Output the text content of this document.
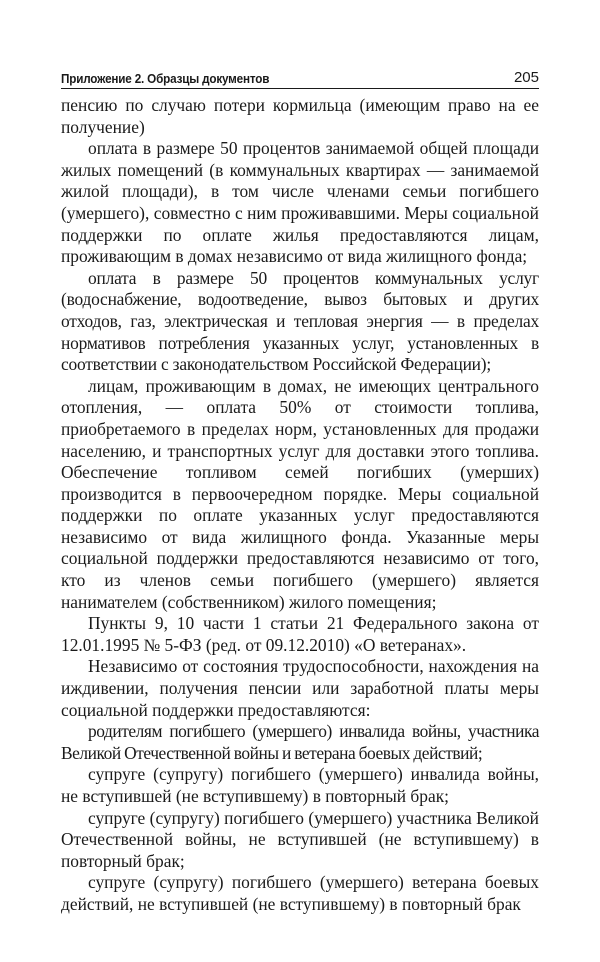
Приложение 2. Образцы документов	205

пенсию по случаю потери кормильца (имеющим право на ее получение)

оплата в размере 50 процентов занимаемой общей площади жилых помещений (в коммунальных квартирах — занимаемой жилой площади), в том числе членами семьи погибшего (умершего), совместно с ним проживавшими. Меры социальной поддержки по оплате жилья предоставляются лицам, проживающим в домах независимо от вида жилищного фонда;

оплата в размере 50 процентов коммунальных услуг (водоснабжение, водоотведение, вывоз бытовых и других отходов, газ, электрическая и тепловая энергия — в пределах нормативов потребления указанных услуг, установленных в соответствии с законодательством Российской Федерации);

лицам, проживающим в домах, не имеющих центрального отопления, — оплата 50% от стоимости топлива, приобретаемого в пределах норм, установленных для продажи населению, и транспортных услуг для доставки этого топлива. Обеспечение топливом семей погибших (умерших) производится в первоочередном порядке. Меры социальной поддержки по оплате указанных услуг предоставляются независимо от вида жилищного фонда. Указанные меры социальной поддержки предоставляются независимо от того, кто из членов семьи погибшего (умершего) является нанимателем (собственником) жилого помещения;

Пункты 9, 10 части 1 статьи 21 Федерального закона от 12.01.1995 № 5-ФЗ (ред. от 09.12.2010) «О ветеранах».

Независимо от состояния трудоспособности, нахождения на иждивении, получения пенсии или заработной платы меры социальной поддержки предоставляются:

родителям погибшего (умершего) инвалида войны, участника Великой Отечественной войны и ветерана боевых действий;

супруге (супругу) погибшего (умершего) инвалида войны, не вступившей (не вступившему) в повторный брак;

супруге (супругу) погибшего (умершего) участника Великой Отечественной войны, не вступившей (не вступившему) в повторный брак;

супруге (супругу) погибшего (умершего) ветерана боевых действий, не вступившей (не вступившему) в повторный брак
